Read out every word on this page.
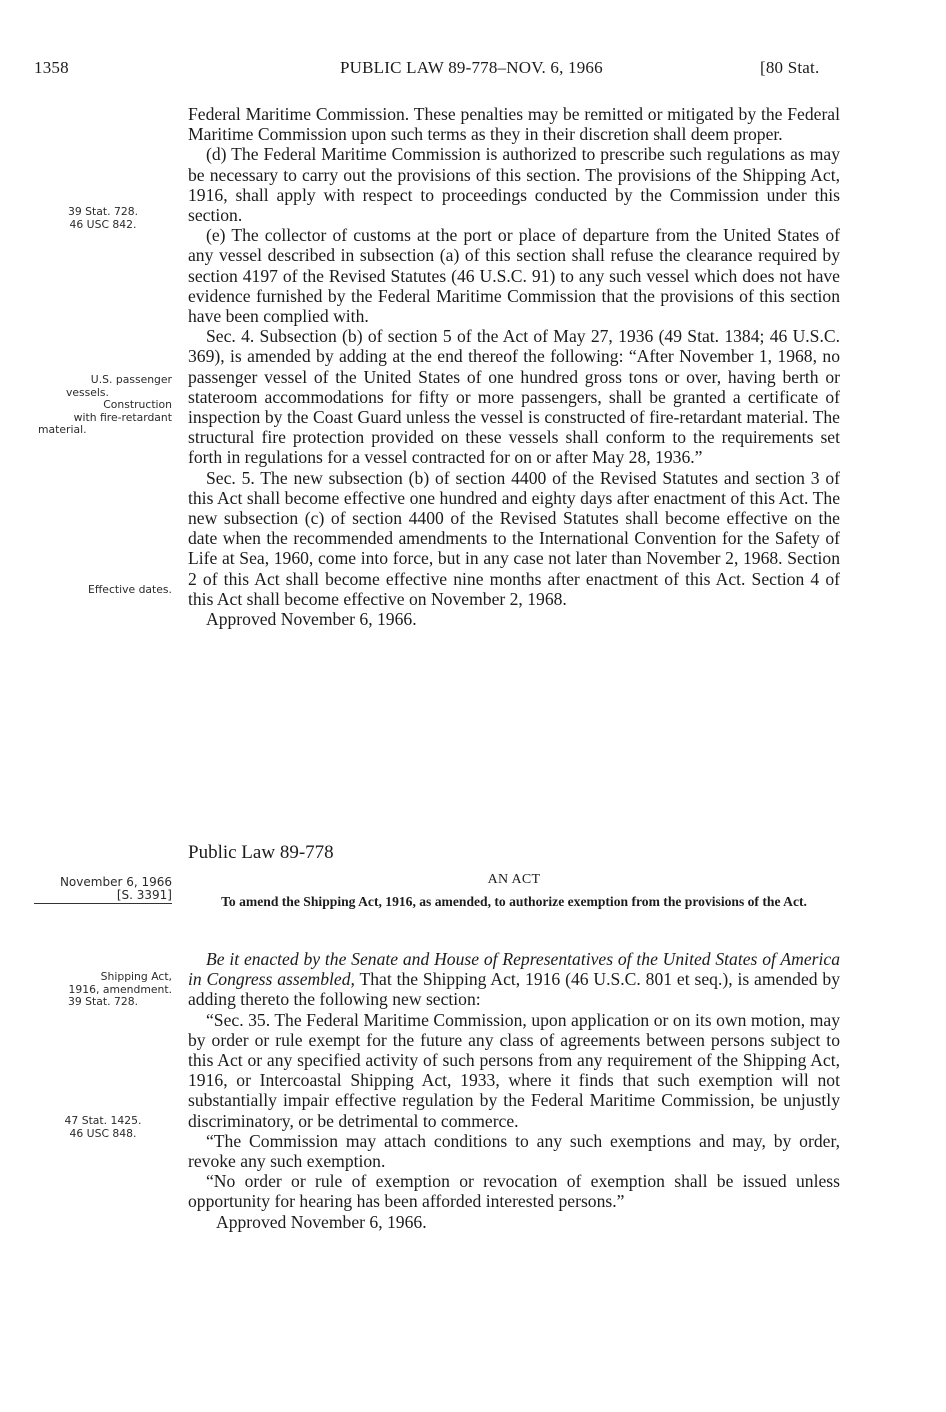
1358	PUBLIC LAW 89-778–NOV. 6, 1966	[80 Stat.
39 Stat. 728.
46 USC 842.
U.S. passenger
vessels.
Construction
with fire-retardant
material.
Effective dates.
November 6, 1966
[S. 3391]
Shipping Act,
1916, amendment.
39 Stat. 728.
47 Stat. 1425.
46 USC 848.

Federal Maritime Commission. These penalties may be remitted or mitigated by the Federal Maritime Commission upon such terms as they in their discretion shall deem proper.

(d) The Federal Maritime Commission is authorized to prescribe such regulations as may be necessary to carry out the provisions of this section. The provisions of the Shipping Act, 1916, shall apply with respect to proceedings conducted by the Commission under this section.

(e) The collector of customs at the port or place of departure from the United States of any vessel described in subsection (a) of this section shall refuse the clearance required by section 4197 of the Revised Statutes (46 U.S.C. 91) to any such vessel which does not have evidence furnished by the Federal Maritime Commission that the provisions of this section have been complied with.

Sec. 4. Subsection (b) of section 5 of the Act of May 27, 1936 (49 Stat. 1384; 46 U.S.C. 369), is amended by adding at the end thereof the following: “After November 1, 1968, no passenger vessel of the United States of one hundred gross tons or over, having berth or stateroom accommodations for fifty or more passengers, shall be granted a certificate of inspection by the Coast Guard unless the vessel is constructed of fire-retardant material. The structural fire protection provided on these vessels shall conform to the requirements set forth in regulations for a vessel contracted for on or after May 28, 1936.”

Sec. 5. The new subsection (b) of section 4400 of the Revised Statutes and section 3 of this Act shall become effective one hundred and eighty days after enactment of this Act. The new subsection (c) of section 4400 of the Revised Statutes shall become effective on the date when the recommended amendments to the International Convention for the Safety of Life at Sea, 1960, come into force, but in any case not later than November 2, 1968. Section 2 of this Act shall become effective nine months after enactment of this Act. Section 4 of this Act shall become effective on November 2, 1968.

Approved November 6, 1966.

Public Law 89-778

AN ACT

To amend the Shipping Act, 1916, as amended, to authorize exemption from the provisions of the Act.

Be it enacted by the Senate and House of Representatives of the United States of America in Congress assembled, That the Shipping Act, 1916 (46 U.S.C. 801 et seq.), is amended by adding thereto the following new section:

“Sec. 35. The Federal Maritime Commission, upon application or on its own motion, may by order or rule exempt for the future any class of agreements between persons subject to this Act or any specified activity of such persons from any requirement of the Shipping Act, 1916, or Intercoastal Shipping Act, 1933, where it finds that such exemption will not substantially impair effective regulation by the Federal Maritime Commission, be unjustly discriminatory, or be detrimental to commerce.

“The Commission may attach conditions to any such exemptions and may, by order, revoke any such exemption.

“No order or rule of exemption or revocation of exemption shall be issued unless opportunity for hearing has been afforded interested persons.”

Approved November 6, 1966.
